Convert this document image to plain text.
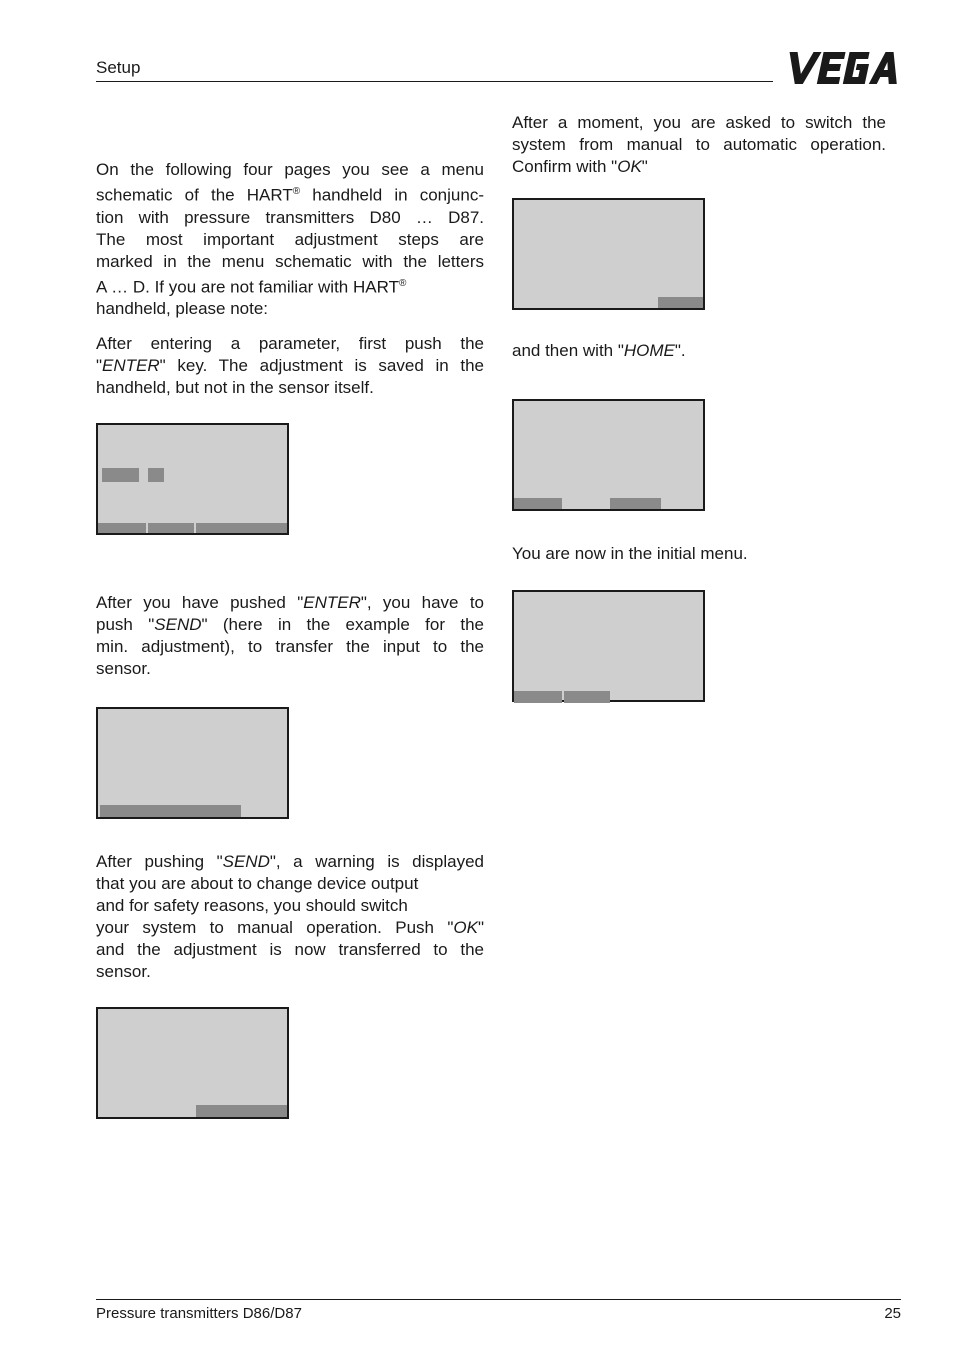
Setup

On the following four pages you see a menu
schematic of the HART® handheld in conjunc-
tion with pressure transmitters D80 … D87.
The most important adjustment steps are
marked in the menu schematic with the letters
A … D. If you are not familiar with HART®
handheld, please note:

After entering a parameter, first push the
"ENTER" key. The adjustment is saved in the
handheld, but not in the sensor itself.

After you have pushed "ENTER", you have to
push "SEND" (here in the example for the
min. adjustment), to transfer the input to the
sensor.

After pushing "SEND", a warning is displayed
that you are about to change device output
and for safety reasons, you should switch
your system to manual operation. Push "OK"
and the adjustment is now transferred to the
sensor.

After a moment, you are asked to switch the
system from manual to automatic operation.
Confirm with "OK"

and then with "HOME".

You are now in the initial menu.

Pressure transmitters D86/D87	25
